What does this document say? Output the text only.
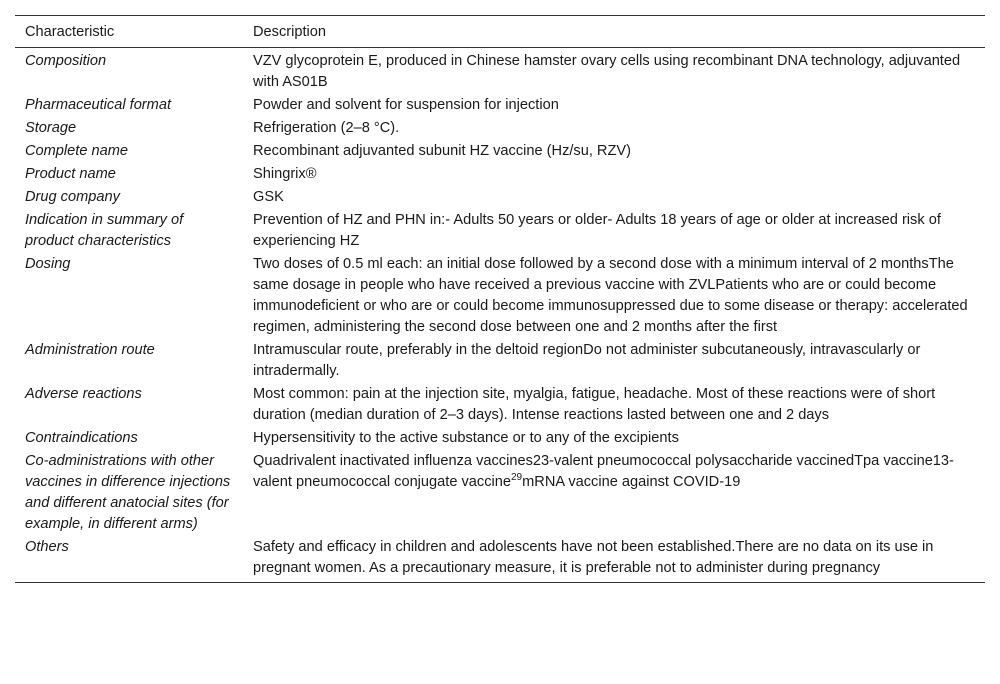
Characteristic	Description
Composition	VZV glycoprotein E, produced in Chinese hamster ovary cells using recombinant DNA technology, adjuvanted with AS01B
Pharmaceutical format	Powder and solvent for suspension for injection
Storage	Refrigeration (2–8 °C).
Complete name	Recombinant adjuvanted subunit HZ vaccine (Hz/su, RZV)
Product name	Shingrix®
Drug company	GSK
Indication in summary of product characteristics	Prevention of HZ and PHN in:- Adults 50 years or older- Adults 18 years of age or older at increased risk of experiencing HZ
Dosing	Two doses of 0.5 ml each: an initial dose followed by a second dose with a minimum interval of 2 monthsThe same dosage in people who have received a previous vaccine with ZVLPatients who are or could become immunodeficient or who are or could become immunosuppressed due to some disease or therapy: accelerated regimen, administering the second dose between one and 2 months after the first
Administration route	Intramuscular route, preferably in the deltoid regionDo not administer subcutaneously, intravascularly or intradermally.
Adverse reactions	Most common: pain at the injection site, myalgia, fatigue, headache. Most of these reactions were of short duration (median duration of 2–3 days). Intense reactions lasted between one and 2 days
Contraindications	Hypersensitivity to the active substance or to any of the excipients
Co-administrations with other vaccines in difference injections and different anatocial sites (for example, in different arms)	Quadrivalent inactivated influenza vaccines23-valent pneumococcal polysaccharide vaccinedTpa vaccine13-valent pneumococcal conjugate vaccine$^{29}$mRNA vaccine against COVID-19
Others	Safety and efficacy in children and adolescents have not been established.There are no data on its use in pregnant women. As a precautionary measure, it is preferable not to administer during pregnancy
